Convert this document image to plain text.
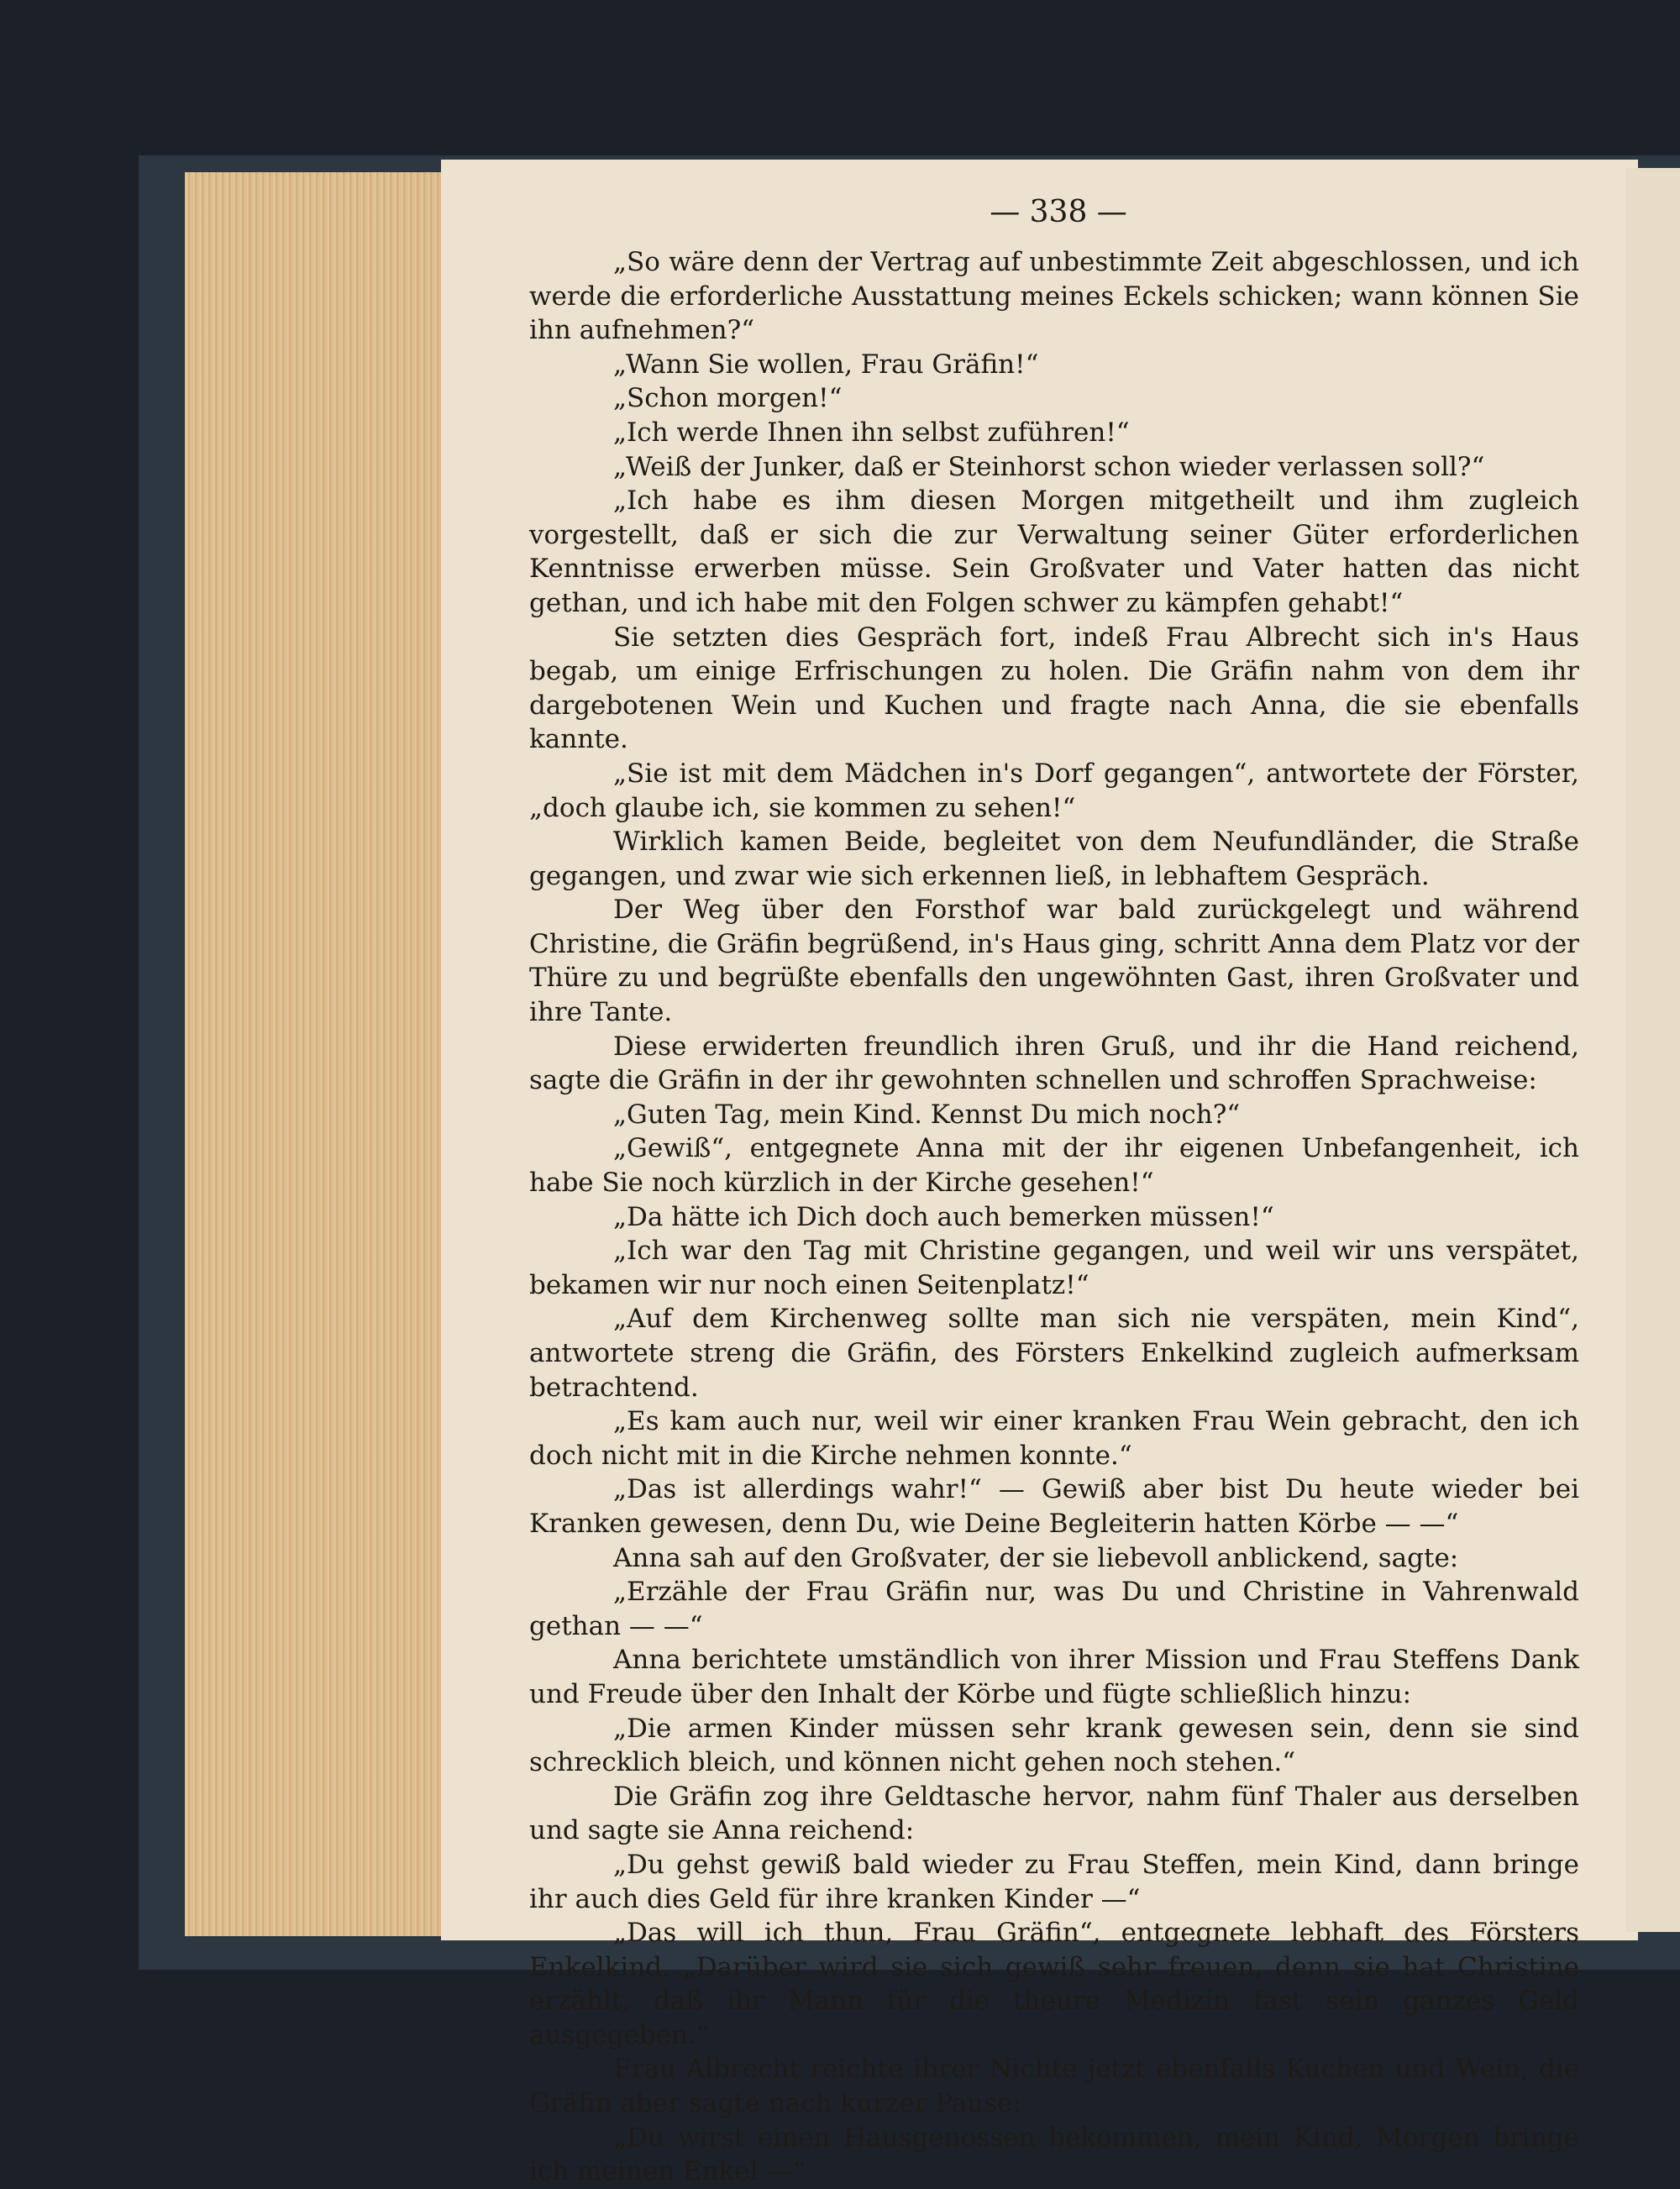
— 338 —

„So wäre denn der Vertrag auf unbestimmte Zeit abgeschlossen, und ich werde die erforderliche Ausstattung meines Eckels schicken; wann können Sie ihn aufnehmen?“

„Wann Sie wollen, Frau Gräfin!“

„Schon morgen!“

„Ich werde Ihnen ihn selbst zuführen!“

„Weiß der Junker, daß er Steinhorst schon wieder verlassen soll?“

„Ich habe es ihm diesen Morgen mitgetheilt und ihm zugleich vorgestellt, daß er sich die zur Verwaltung seiner Güter erforderlichen Kenntnisse erwerben müsse. Sein Großvater und Vater hatten das nicht gethan, und ich habe mit den Folgen schwer zu kämpfen gehabt!“

Sie setzten dies Gespräch fort, indeß Frau Albrecht sich in's Haus begab, um einige Erfrischungen zu holen. Die Gräfin nahm von dem ihr dargebotenen Wein und Kuchen und fragte nach Anna, die sie ebenfalls kannte.

„Sie ist mit dem Mädchen in's Dorf gegangen“, antwortete der Förster, „doch glaube ich, sie kommen zu sehen!“

Wirklich kamen Beide, begleitet von dem Neufundländer, die Straße gegangen, und zwar wie sich erkennen ließ, in lebhaftem Gespräch.

Der Weg über den Forsthof war bald zurückgelegt und während Christine, die Gräfin begrüßend, in's Haus ging, schritt Anna dem Platz vor der Thüre zu und begrüßte ebenfalls den ungewöhnten Gast, ihren Großvater und ihre Tante.

Diese erwiderten freundlich ihren Gruß, und ihr die Hand reichend, sagte die Gräfin in der ihr gewohnten schnellen und schroffen Sprachweise:

„Guten Tag, mein Kind. Kennst Du mich noch?“

„Gewiß“, entgegnete Anna mit der ihr eigenen Unbefangenheit, ich habe Sie noch kürzlich in der Kirche gesehen!“

„Da hätte ich Dich doch auch bemerken müssen!“

„Ich war den Tag mit Christine gegangen, und weil wir uns verspätet, bekamen wir nur noch einen Seitenplatz!“

„Auf dem Kirchenweg sollte man sich nie verspäten, mein Kind“, antwortete streng die Gräfin, des Försters Enkelkind zugleich aufmerksam betrachtend.

„Es kam auch nur, weil wir einer kranken Frau Wein gebracht, den ich doch nicht mit in die Kirche nehmen konnte.“

„Das ist allerdings wahr!“ — Gewiß aber bist Du heute wieder bei Kranken gewesen, denn Du, wie Deine Begleiterin hatten Körbe — —“

Anna sah auf den Großvater, der sie liebevoll anblickend, sagte:

„Erzähle der Frau Gräfin nur, was Du und Christine in Vahrenwald gethan — —“

Anna berichtete umständlich von ihrer Mission und Frau Steffens Dank und Freude über den Inhalt der Körbe und fügte schließlich hinzu:

„Die armen Kinder müssen sehr krank gewesen sein, denn sie sind schrecklich bleich, und können nicht gehen noch stehen.“

Die Gräfin zog ihre Geldtasche hervor, nahm fünf Thaler aus derselben und sagte sie Anna reichend:

„Du gehst gewiß bald wieder zu Frau Steffen, mein Kind, dann bringe ihr auch dies Geld für ihre kranken Kinder —“

„Das will ich thun, Frau Gräfin“, entgegnete lebhaft des Försters Enkelkind. „Darüber wird sie sich gewiß sehr freuen, denn sie hat Christine erzählt, daß ihr Mann für die theure Medizin fast sein ganzes Geld ausgegeben.“

Frau Albrecht reichte ihrer Nichte jetzt ebenfalls Kuchen und Wein, die Gräfin aber sagte nach kurzer Pause:

„Du wirst einen Hausgenossen bekommen, mein Kind, Morgen bringe ich meinen Enkel —“
